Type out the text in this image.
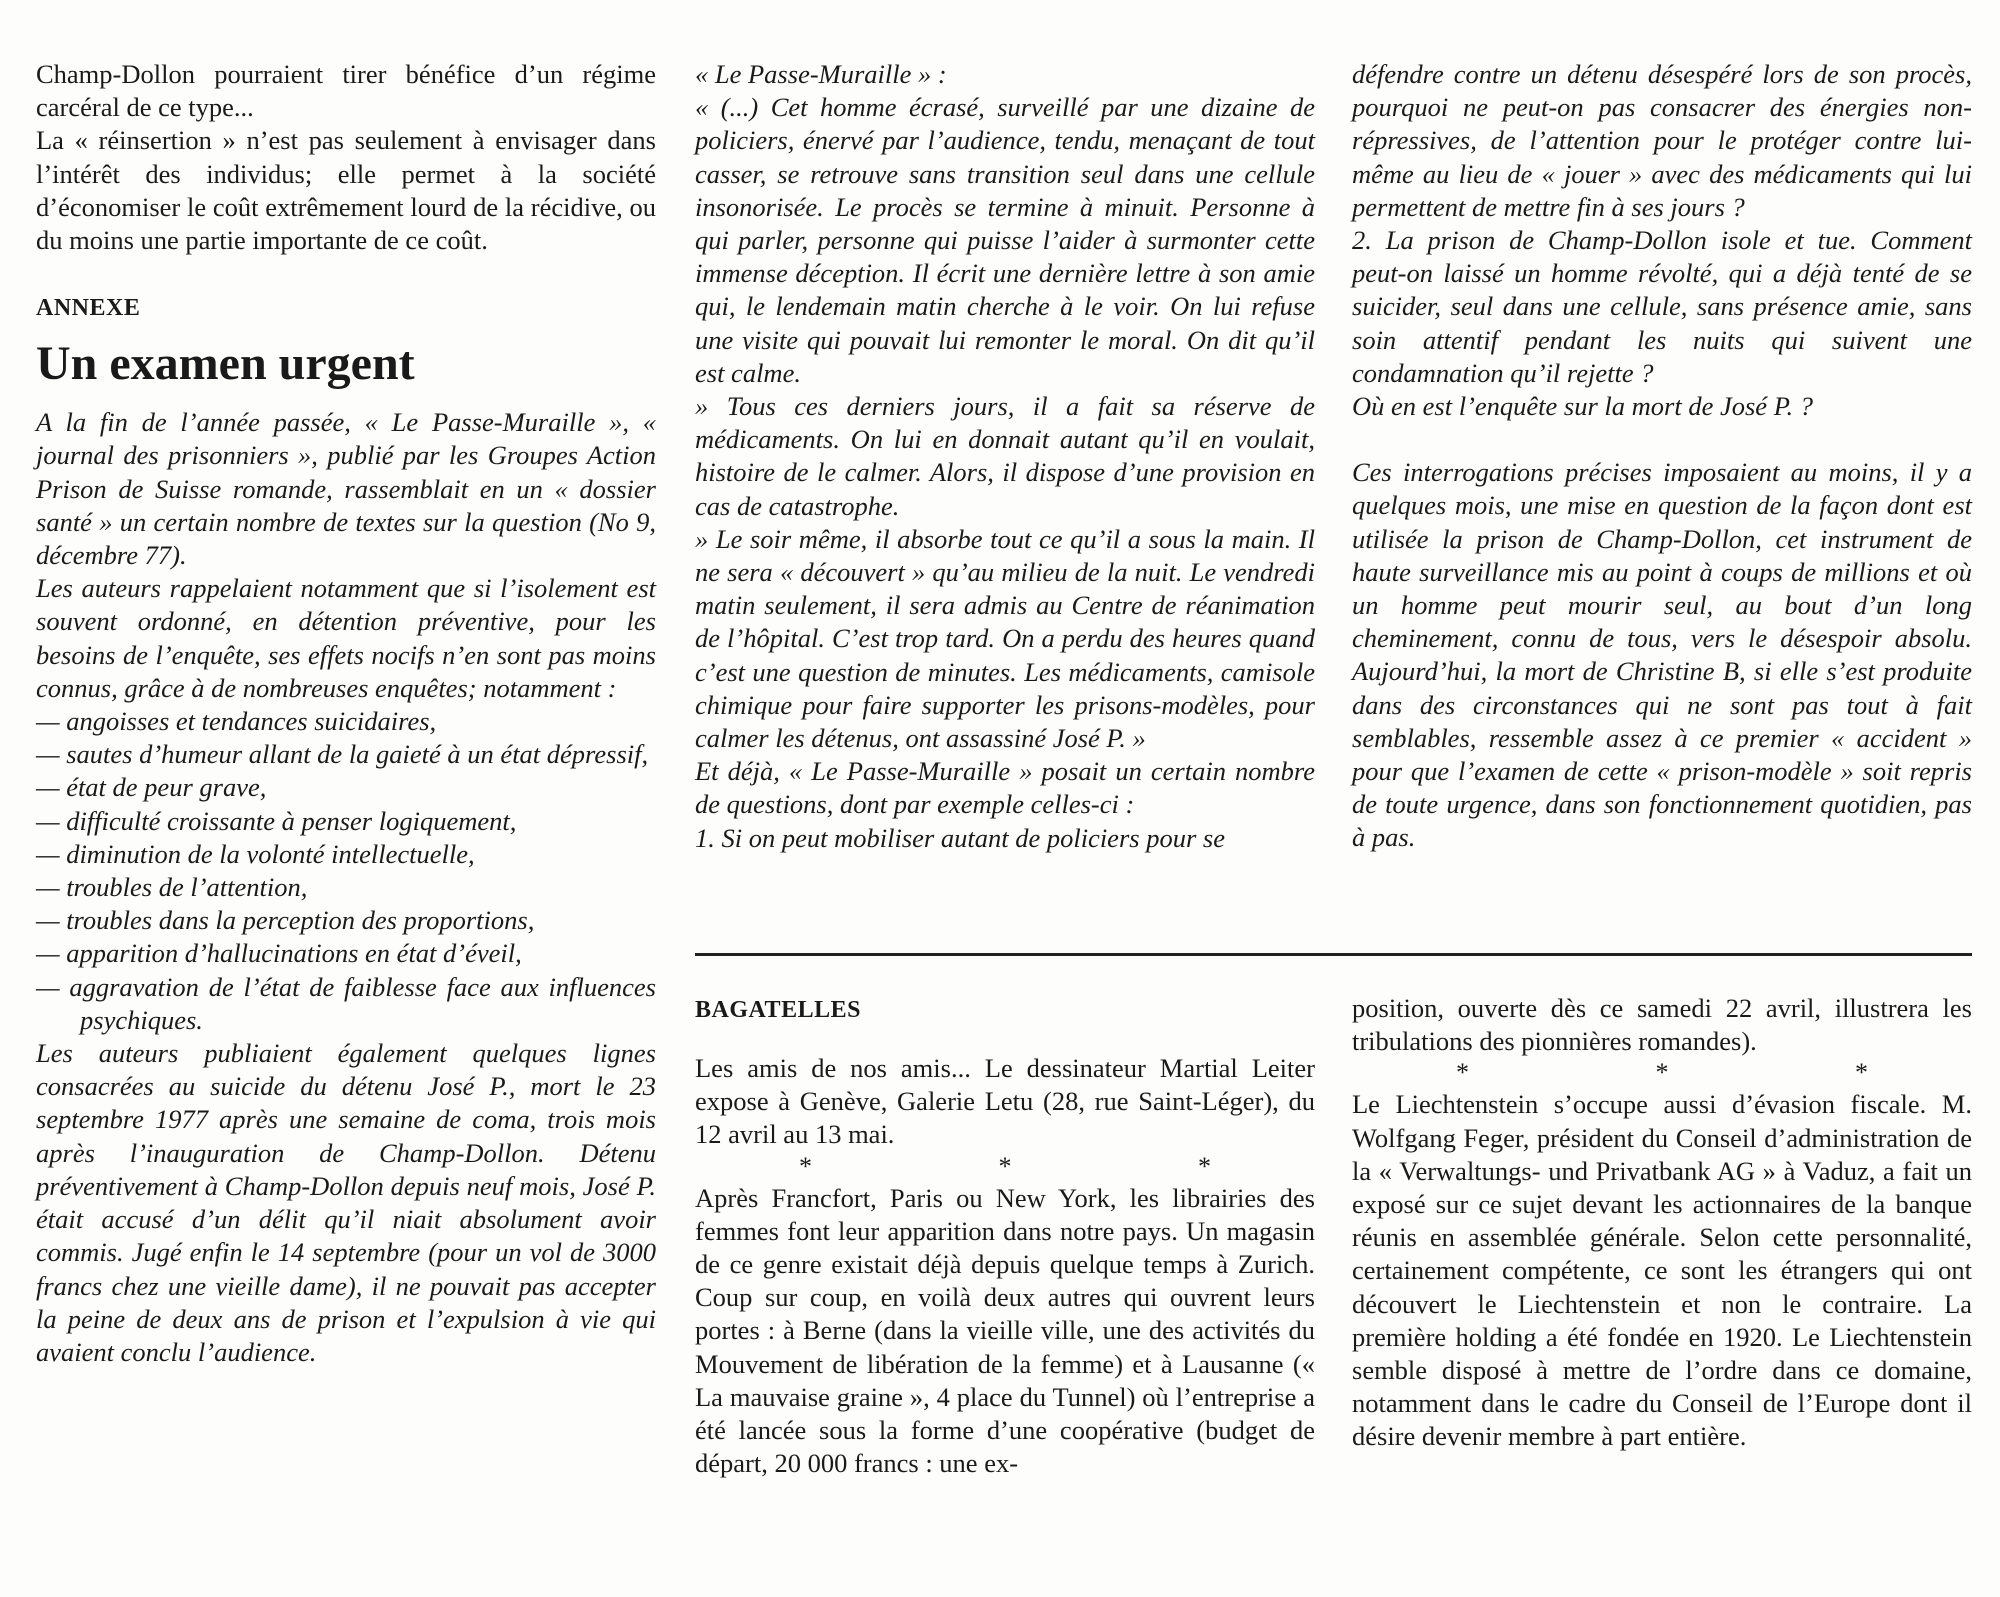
Champ-Dollon pourraient tirer bénéfice d’un régime carcéral de ce type...

La « réinsertion » n’est pas seulement à envisager dans l’intérêt des individus; elle permet à la société d’économiser le coût extrêmement lourd de la récidive, ou du moins une partie importante de ce coût.

ANNEXE

Un examen urgent

A la fin de l’année passée, « Le Passe-Muraille », « journal des prisonniers », publié par les Groupes Action Prison de Suisse romande, rassemblait en un « dossier santé » un certain nombre de textes sur la question (No 9, décembre 77).

Les auteurs rappelaient notamment que si l’isolement est souvent ordonné, en détention préventive, pour les besoins de l’enquête, ses effets nocifs n’en sont pas moins connus, grâce à de nombreuses enquêtes; notamment :

— angoisses et tendances suicidaires,

— sautes d’humeur allant de la gaieté à un état dépressif,

— état de peur grave,

— difficulté croissante à penser logiquement,

— diminution de la volonté intellectuelle,

— troubles de l’attention,

— troubles dans la perception des proportions,

— apparition d’hallucinations en état d’éveil,

— aggravation de l’état de faiblesse face aux influences psychiques.

Les auteurs publiaient également quelques lignes consacrées au suicide du détenu José P., mort le 23 septembre 1977 après une semaine de coma, trois mois après l’inauguration de Champ-Dollon. Détenu préventivement à Champ-Dollon depuis neuf mois, José P. était accusé d’un délit qu’il niait absolument avoir commis. Jugé enfin le 14 septembre (pour un vol de 3000 francs chez une vieille dame), il ne pouvait pas accepter la peine de deux ans de prison et l’expulsion à vie qui avaient conclu l’audience.

« Le Passe-Muraille » :

« (...) Cet homme écrasé, surveillé par une dizaine de policiers, énervé par l’audience, tendu, menaçant de tout casser, se retrouve sans transition seul dans une cellule insonorisée. Le procès se termine à minuit. Personne à qui parler, personne qui puisse l’aider à surmonter cette immense déception. Il écrit une dernière lettre à son amie qui, le lendemain matin cherche à le voir. On lui refuse une visite qui pouvait lui remonter le moral. On dit qu’il est calme.

» Tous ces derniers jours, il a fait sa réserve de médicaments. On lui en donnait autant qu’il en voulait, histoire de le calmer. Alors, il dispose d’une provision en cas de catastrophe.

» Le soir même, il absorbe tout ce qu’il a sous la main. Il ne sera « découvert » qu’au milieu de la nuit. Le vendredi matin seulement, il sera admis au Centre de réanimation de l’hôpital. C’est trop tard. On a perdu des heures quand c’est une question de minutes. Les médicaments, camisole chimique pour faire supporter les prisons-modèles, pour calmer les détenus, ont assassiné José P. »

Et déjà, « Le Passe-Muraille » posait un certain nombre de questions, dont par exemple celles-ci :

1. Si on peut mobiliser autant de policiers pour se

défendre contre un détenu désespéré lors de son procès, pourquoi ne peut-on pas consacrer des énergies non-répressives, de l’attention pour le protéger contre lui-même au lieu de « jouer » avec des médicaments qui lui permettent de mettre fin à ses jours ?

2. La prison de Champ-Dollon isole et tue. Comment peut-on laissé un homme révolté, qui a déjà tenté de se suicider, seul dans une cellule, sans présence amie, sans soin attentif pendant les nuits qui suivent une condamnation qu’il rejette ?

Où en est l’enquête sur la mort de José P. ?

Ces interrogations précises imposaient au moins, il y a quelques mois, une mise en question de la façon dont est utilisée la prison de Champ-Dollon, cet instrument de haute surveillance mis au point à coups de millions et où un homme peut mourir seul, au bout d’un long cheminement, connu de tous, vers le désespoir absolu. Aujourd’hui, la mort de Christine B, si elle s’est produite dans des circonstances qui ne sont pas tout à fait semblables, ressemble assez à ce premier « accident » pour que l’examen de cette « prison-modèle » soit repris de toute urgence, dans son fonctionnement quotidien, pas à pas.

BAGATELLES

Les amis de nos amis... Le dessinateur Martial Leiter expose à Genève, Galerie Letu (28, rue Saint-Léger), du 12 avril au 13 mai.

* * *

Après Francfort, Paris ou New York, les librairies des femmes font leur apparition dans notre pays. Un magasin de ce genre existait déjà depuis quelque temps à Zurich. Coup sur coup, en voilà deux autres qui ouvrent leurs portes : à Berne (dans la vieille ville, une des activités du Mouvement de libération de la femme) et à Lausanne (« La mauvaise graine », 4 place du Tunnel) où l’entreprise a été lancée sous la forme d’une coopérative (budget de départ, 20 000 francs : une ex-

position, ouverte dès ce samedi 22 avril, illustrera les tribulations des pionnières romandes).

* * *

Le Liechtenstein s’occupe aussi d’évasion fiscale. M. Wolfgang Feger, président du Conseil d’administration de la « Verwaltungs- und Privatbank AG » à Vaduz, a fait un exposé sur ce sujet devant les actionnaires de la banque réunis en assemblée générale. Selon cette personnalité, certainement compétente, ce sont les étrangers qui ont découvert le Liechtenstein et non le contraire. La première holding a été fondée en 1920. Le Liechtenstein semble disposé à mettre de l’ordre dans ce domaine, notamment dans le cadre du Conseil de l’Europe dont il désire devenir membre à part entière.
